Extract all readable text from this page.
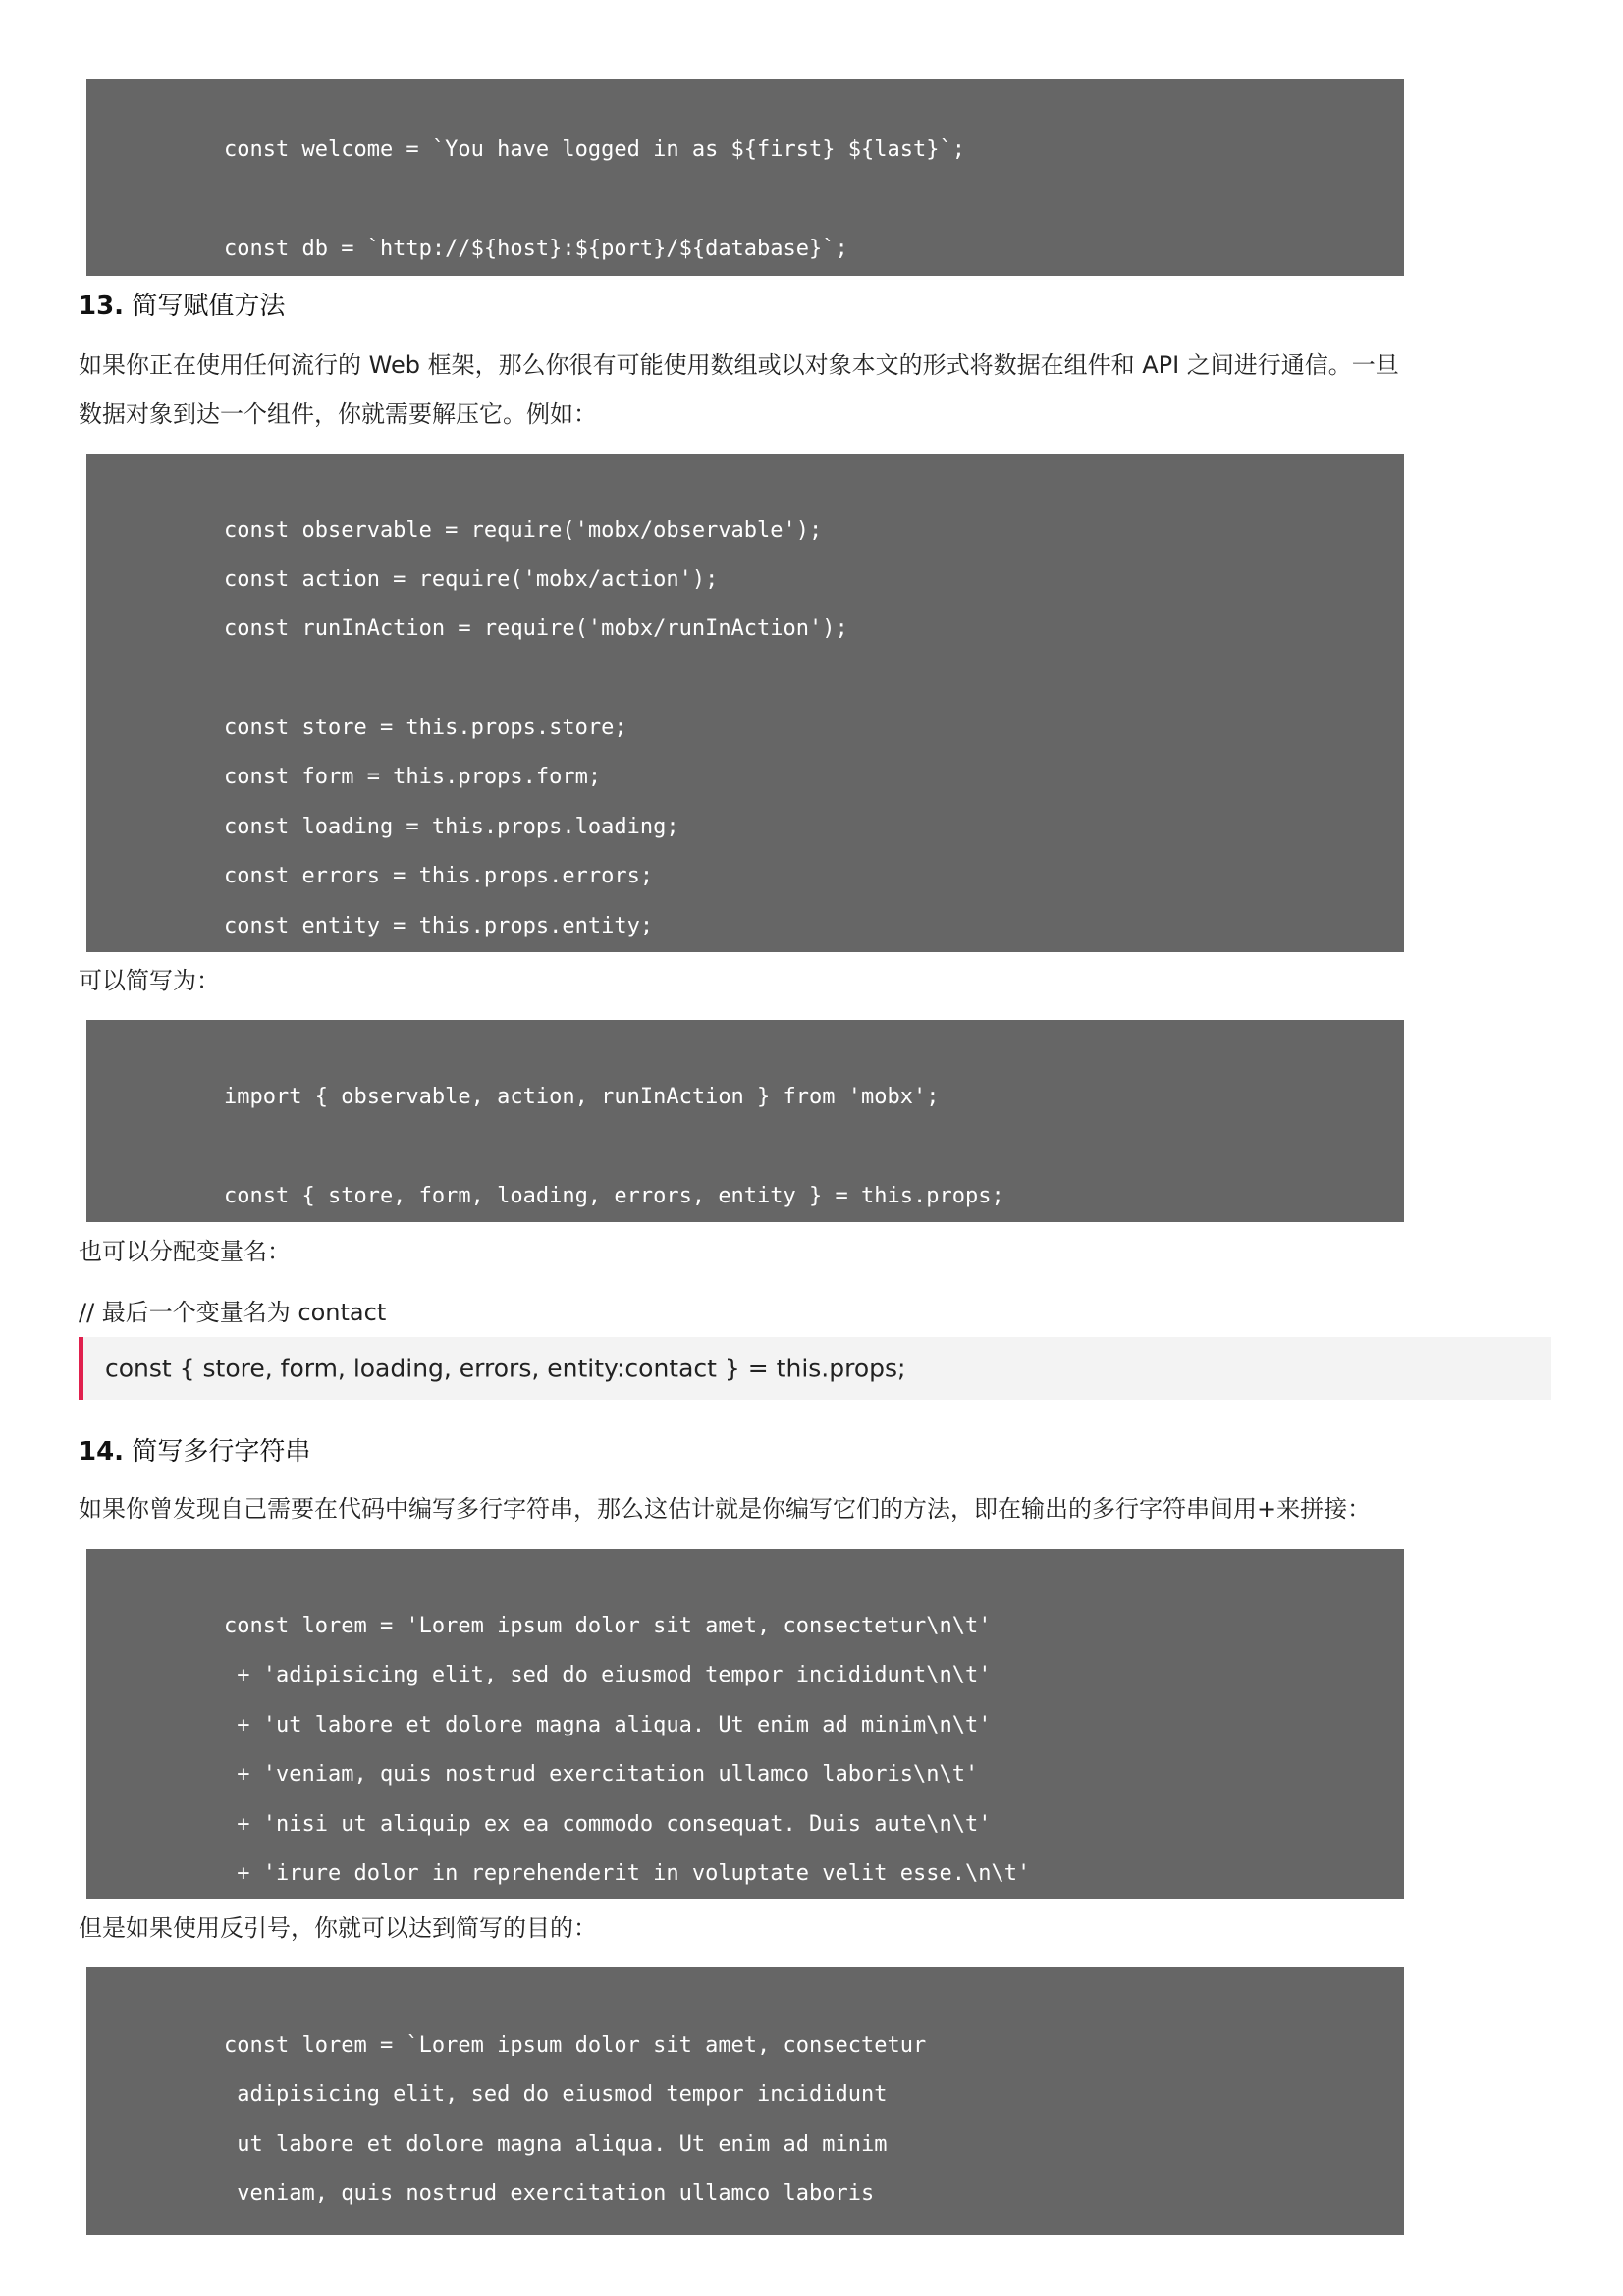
const welcome = `You have logged in as ${first} ${last}`;
const db = `http://${host}:${port}/${database}`;
13. 简写赋值方法
如果你正在使用任何流行的 Web 框架，那么你很有可能使用数组或以对象本文的形式将数据在组件和 API 之间进行通信。一旦
数据对象到达一个组件，你就需要解压它。例如：
const observable = require('mobx/observable');
const action = require('mobx/action');
const runInAction = require('mobx/runInAction');
const store = this.props.store;
const form = this.props.form;
const loading = this.props.loading;
const errors = this.props.errors;
const entity = this.props.entity;
可以简写为：
import { observable, action, runInAction } from 'mobx';
const { store, form, loading, errors, entity } = this.props;
也可以分配变量名：
// 最后一个变量名为 contact
const { store, form, loading, errors, entity:contact } = this.props;
14. 简写多行字符串
如果你曾发现自己需要在代码中编写多行字符串，那么这估计就是你编写它们的方法，即在输出的多行字符串间用+来拼接：
const lorem = 'Lorem ipsum dolor sit amet, consectetur\n\t'
+ 'adipisicing elit, sed do eiusmod tempor incididunt\n\t'
+ 'ut labore et dolore magna aliqua. Ut enim ad minim\n\t'
+ 'veniam, quis nostrud exercitation ullamco laboris\n\t'
+ 'nisi ut aliquip ex ea commodo consequat. Duis aute\n\t'
+ 'irure dolor in reprehenderit in voluptate velit esse.\n\t'
但是如果使用反引号，你就可以达到简写的目的：
const lorem = `Lorem ipsum dolor sit amet, consectetur
adipisicing elit, sed do eiusmod tempor incididunt
ut labore et dolore magna aliqua. Ut enim ad minim
veniam, quis nostrud exercitation ullamco laboris
